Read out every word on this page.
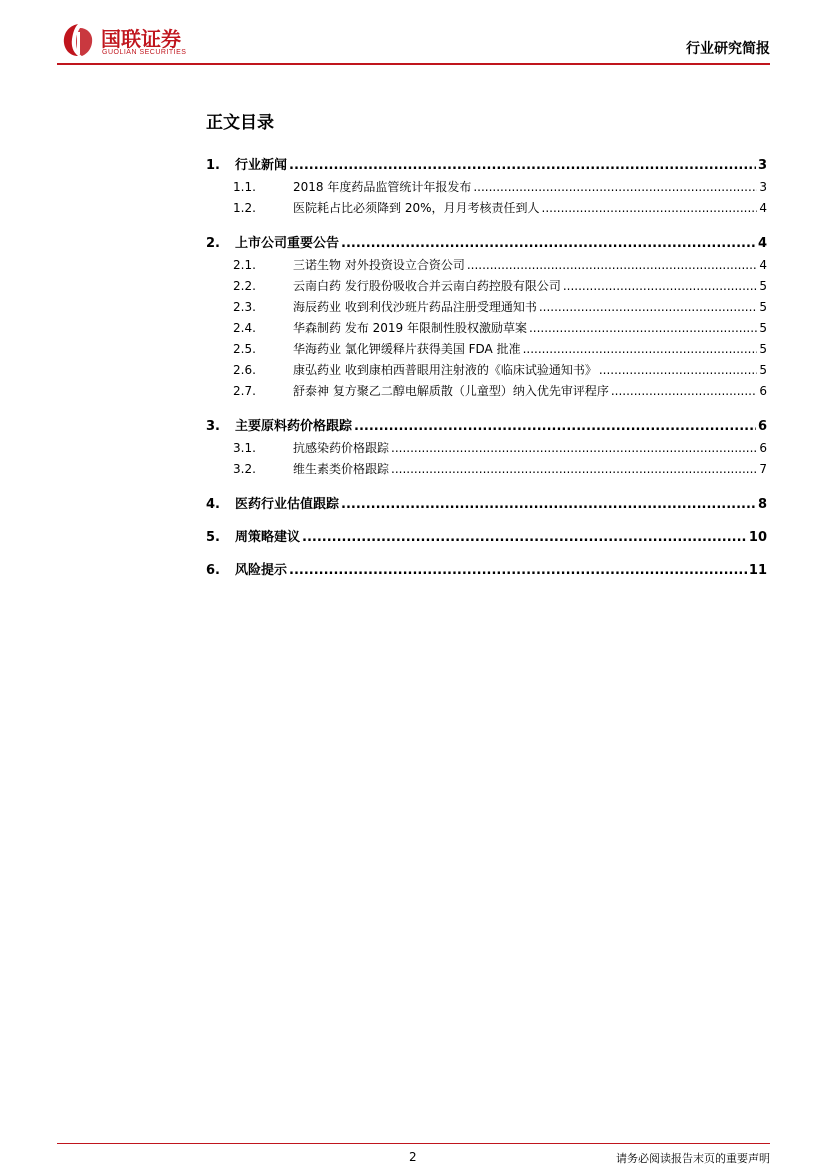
国联证券
GUOLIAN SECURITIES	行业研究简报
正文目录
1.	行业新闻 .....	3
1.1.	2018 年度药品监管统计年报发布 .....	3
1.2.	医院耗占比必须降到 20%，月月考核责任到人 .....	4
2.	上市公司重要公告 .....	4
2.1.	三诺生物 对外投资设立合资公司 .....	4
2.2.	云南白药 发行股份吸收合并云南白药控股有限公司 .....	5
2.3.	海辰药业 收到利伐沙班片药品注册受理通知书 .....	5
2.4.	华森制药 发布 2019 年限制性股权激励草案 .....	5
2.5.	华海药业 氯化钾缓释片获得美国 FDA 批准 .....	5
2.6.	康弘药业 收到康柏西普眼用注射液的《临床试验通知书》 .....	5
2.7.	舒泰神 复方聚乙二醇电解质散（儿童型）纳入优先审评程序 .....	6
3.	主要原料药价格跟踪 .....	6
3.1.	抗感染药价格跟踪 .....	6
3.2.	维生素类价格跟踪 .....	7
4.	医药行业估值跟踪 .....	8
5.	周策略建议 .....	10
6.	风险提示 .....	11
2	请务必阅读报告末页的重要声明
